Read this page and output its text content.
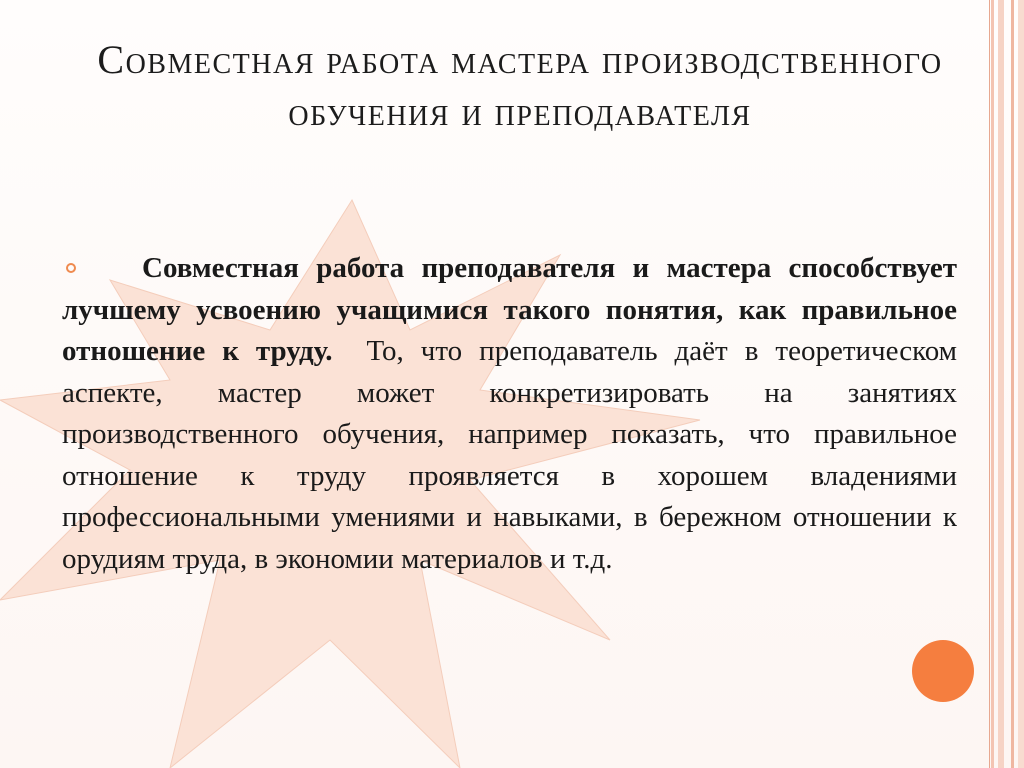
Совместная работа мастера производственного обучения и преподавателя

Совместная работа преподавателя и мастера способствует лучшему усвоению учащимися такого понятия, как правильное отношение к труду. То, что преподаватель даёт в теоретическом аспекте, мастер может конкретизировать на занятиях производственного обучения, например показать, что правильное отношение к труду проявляется в хорошем владениями профессиональными умениями и навыками, в бережном отношении к орудиям труда, в экономии материалов и т.д.
